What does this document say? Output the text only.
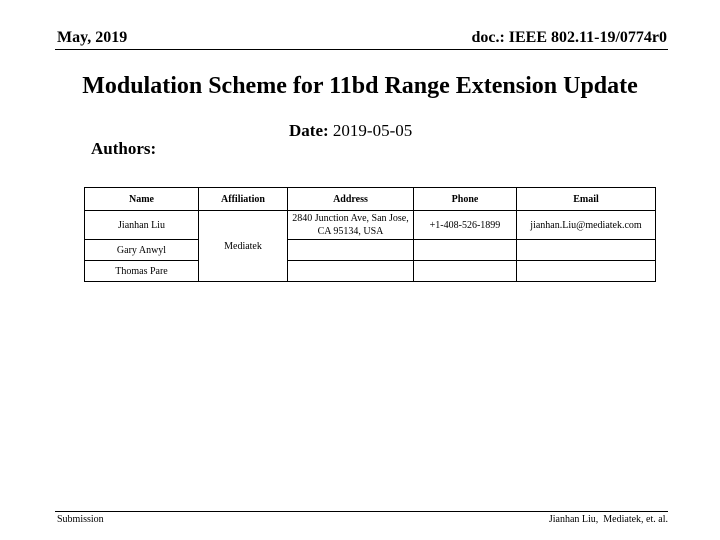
May, 2019	doc.: IEEE 802.11-19/0774r0
Modulation Scheme for 11bd Range Extension Update
Date: 2019-05-05
Authors:
Name	Affiliation	Address	Phone	Email
Jianhan Liu	Mediatek	2840 Junction Ave, San Jose, CA 95134, USA	+1-408-526-1899	jianhan.Liu@mediatek.com
Gary Anwyl				
Thomas Pare				
Submission	Jianhan Liu,  Mediatek, et. al.
